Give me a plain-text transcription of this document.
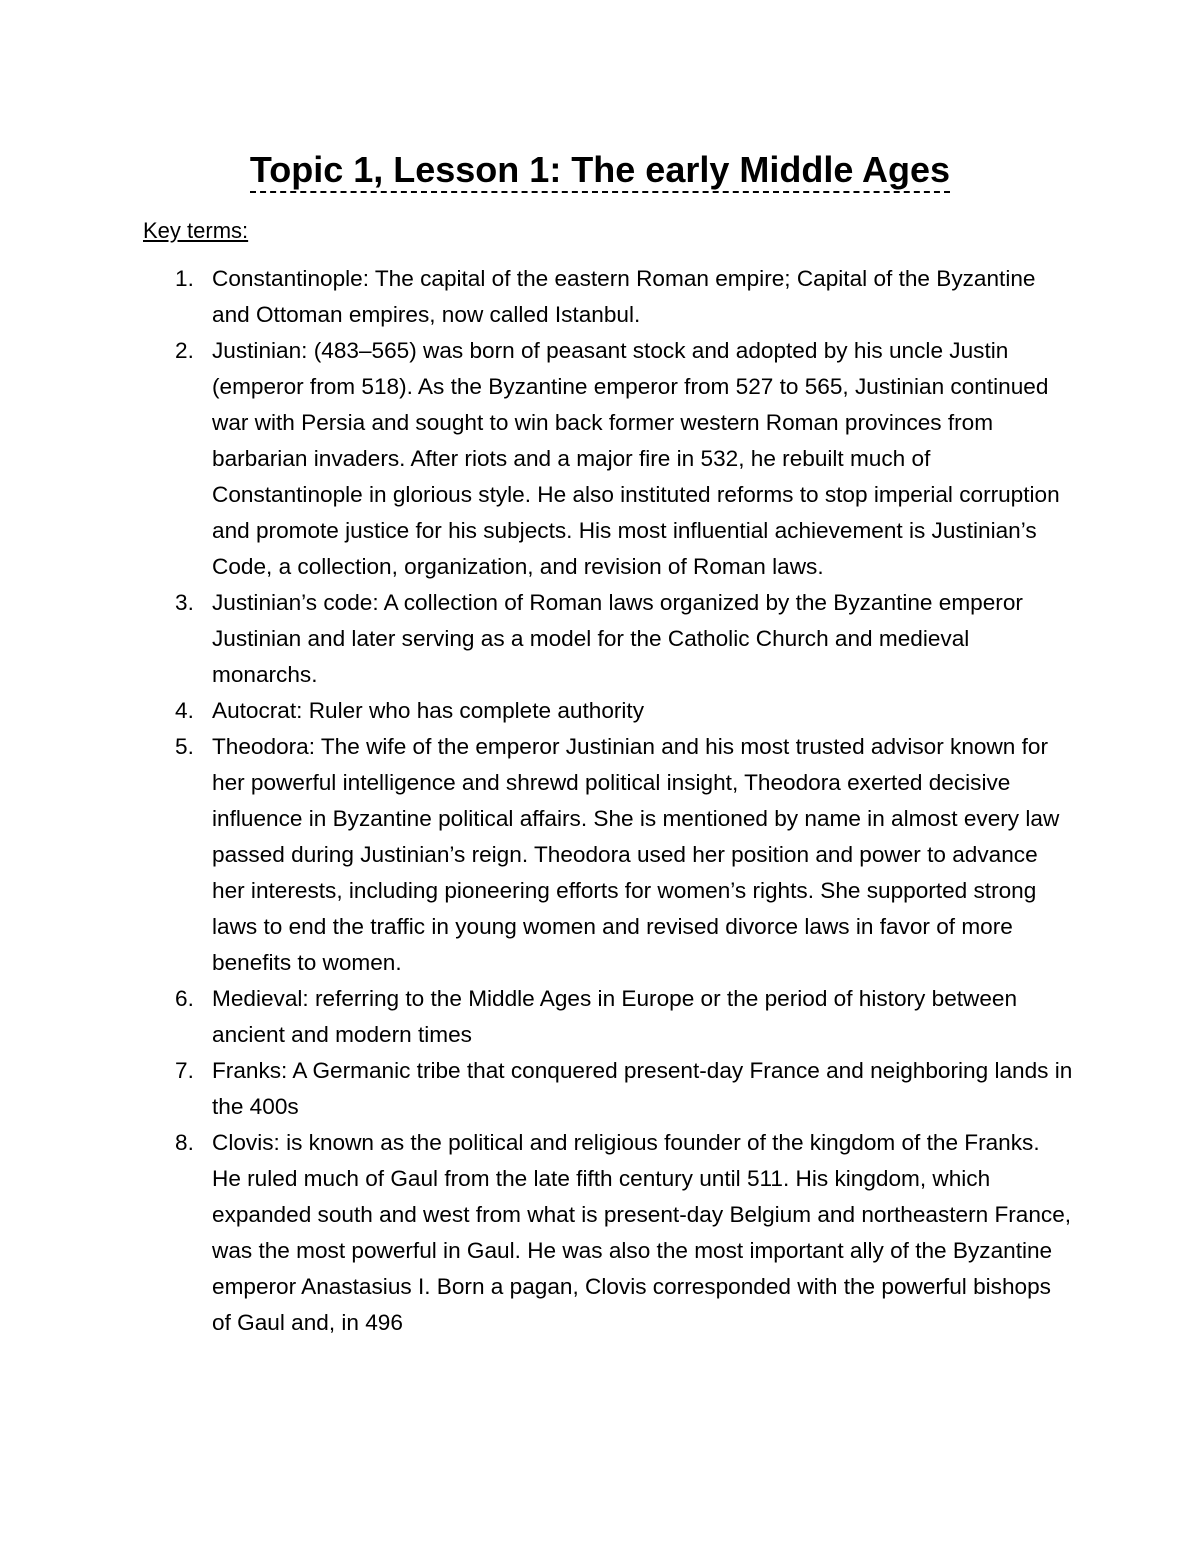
Topic 1, Lesson 1: The early Middle Ages

Key terms:

1. Constantinople: The capital of the eastern Roman empire; Capital of the Byzantine and Ottoman empires, now called Istanbul.
2. Justinian: (483–565) was born of peasant stock and adopted by his uncle Justin (emperor from 518). As the Byzantine emperor from 527 to 565, Justinian continued war with Persia and sought to win back former western Roman provinces from barbarian invaders. After riots and a major fire in 532, he rebuilt much of Constantinople in glorious style. He also instituted reforms to stop imperial corruption and promote justice for his subjects. His most influential achievement is Justinian’s Code, a collection, organization, and revision of Roman laws.
3. Justinian’s code: A collection of Roman laws organized by the Byzantine emperor Justinian and later serving as a model for the Catholic Church and medieval monarchs.
4. Autocrat: Ruler who has complete authority
5. Theodora: The wife of the emperor Justinian and his most trusted advisor known for her powerful intelligence and shrewd political insight, Theodora exerted decisive influence in Byzantine political affairs. She is mentioned by name in almost every law passed during Justinian’s reign. Theodora used her position and power to advance her interests, including pioneering efforts for women’s rights. She supported strong laws to end the traffic in young women and revised divorce laws in favor of more benefits to women.
6. Medieval: referring to the Middle Ages in Europe or the period of history between ancient and modern times
7. Franks: A Germanic tribe that conquered present-day France and neighboring lands in the 400s
8. Clovis: is known as the political and religious founder of the kingdom of the Franks. He ruled much of Gaul from the late fifth century until 511. His kingdom, which expanded south and west from what is present-day Belgium and northeastern France, was the most powerful in Gaul. He was also the most important ally of the Byzantine emperor Anastasius I. Born a pagan, Clovis corresponded with the powerful bishops of Gaul and, in 496
